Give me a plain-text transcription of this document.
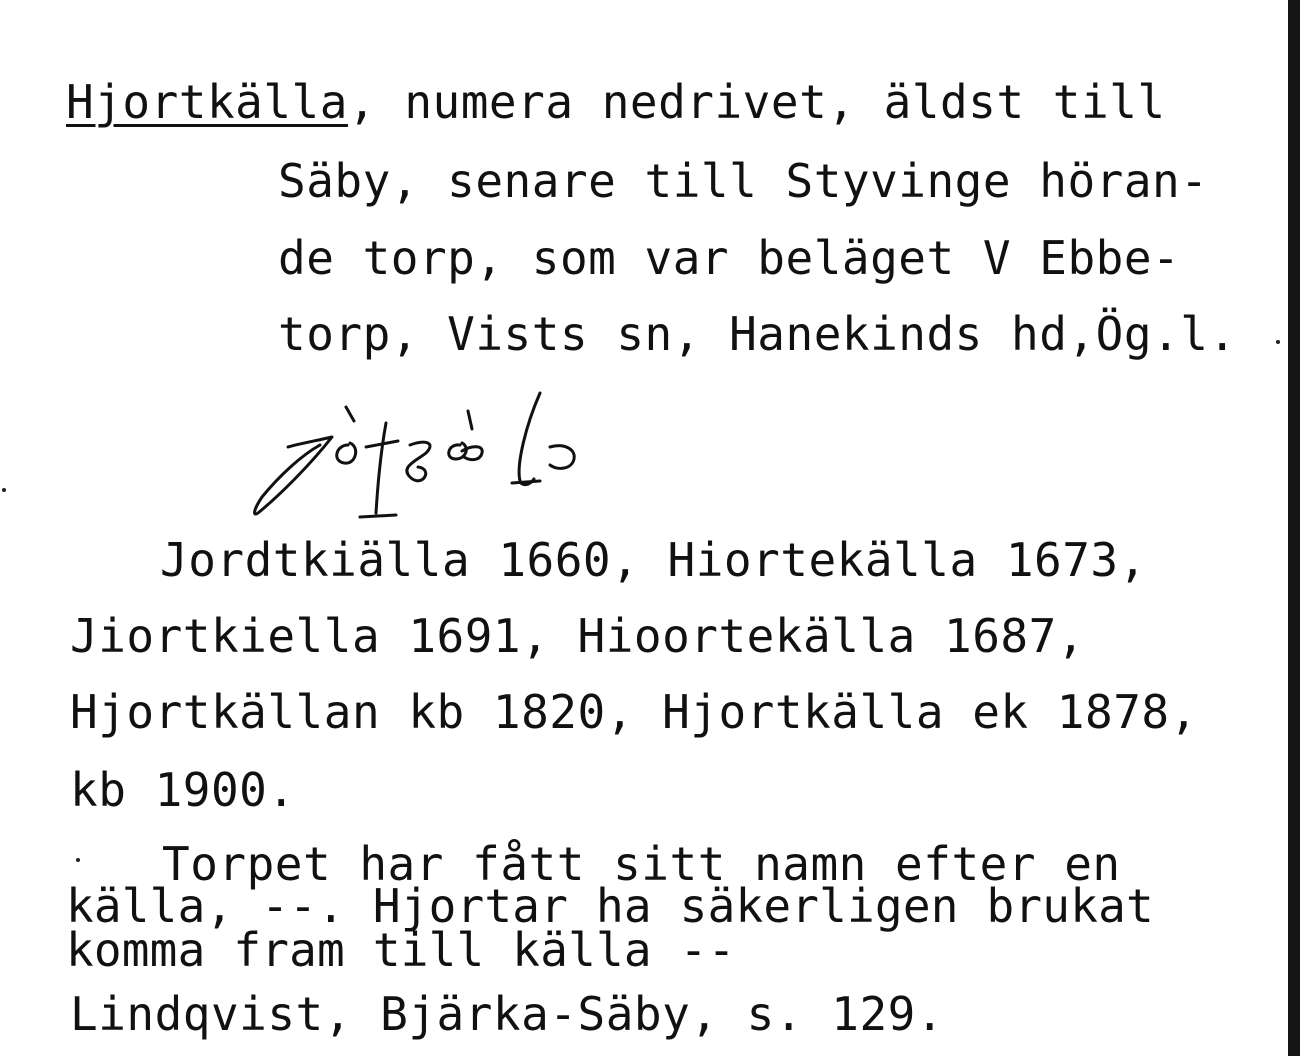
Hjortkälla, numera nedrivet, äldst till
Säby, senare till Styvinge höran-
de torp, som var beläget V Ebbe-
torp, Vists sn, Hanekinds hd,Ög.l.
Jordtkiälla 1660, Hiortekälla 1673,
Jiortkiella 1691, Hioortekälla 1687,
Hjortkällan kb 1820, Hjortkälla ek 1878,
kb 1900.
Torpet har fått sitt namn efter en
källa, --. Hjortar ha säkerligen brukat
komma fram till källa --
Lindqvist, Bjärka-Säby, s. 129.
